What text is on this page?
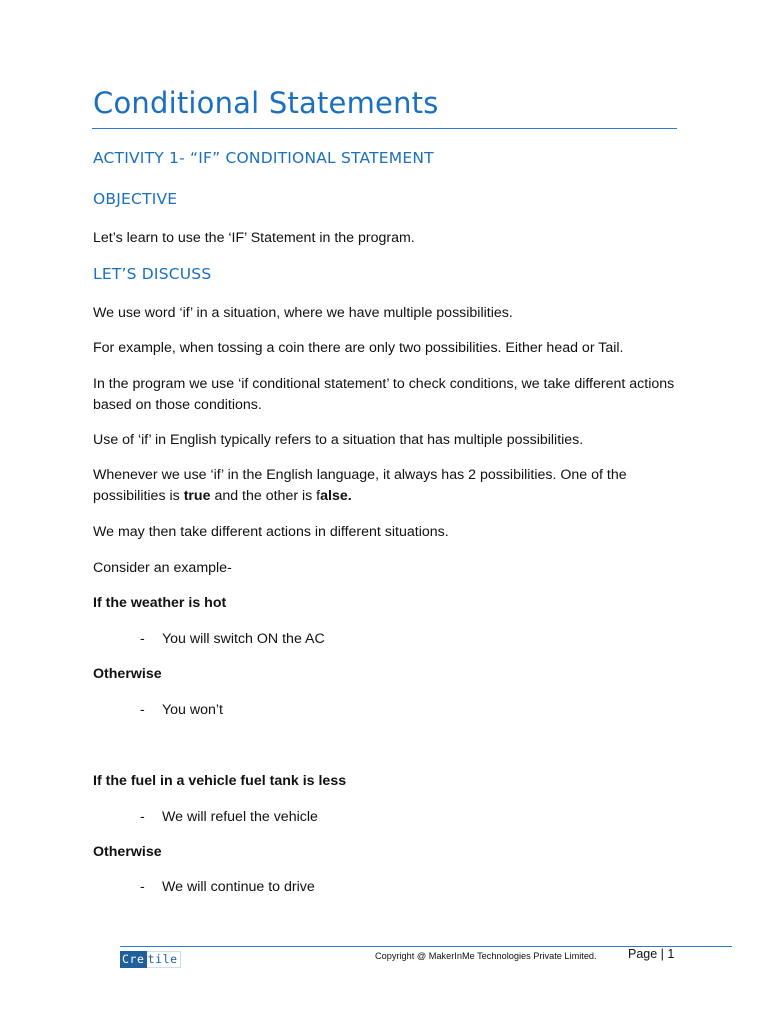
Conditional Statements
ACTIVITY 1- “IF” CONDITIONAL STATEMENT
OBJECTIVE
Let’s learn to use the ‘IF’ Statement in the program.
LET’S DISCUSS
We use word ‘if’ in a situation, where we have multiple possibilities.
For example, when tossing a coin there are only two possibilities. Either head or Tail.
In the program we use ‘if conditional statement’ to check conditions, we take different actions based on those conditions.
Use of ‘if’ in English typically refers to a situation that has multiple possibilities.
Whenever we use ‘if’ in the English language, it always has 2 possibilities. One of the possibilities is true and the other is false.
We may then take different actions in different situations.
Consider an example-
If the weather is hot
- You will switch ON the AC
Otherwise
- You won’t
If the fuel in a vehicle fuel tank is less
- We will refuel the vehicle
Otherwise
- We will continue to drive
Cre tile	Copyright @ MakerInMe Technologies Private Limited.	Page | 1
